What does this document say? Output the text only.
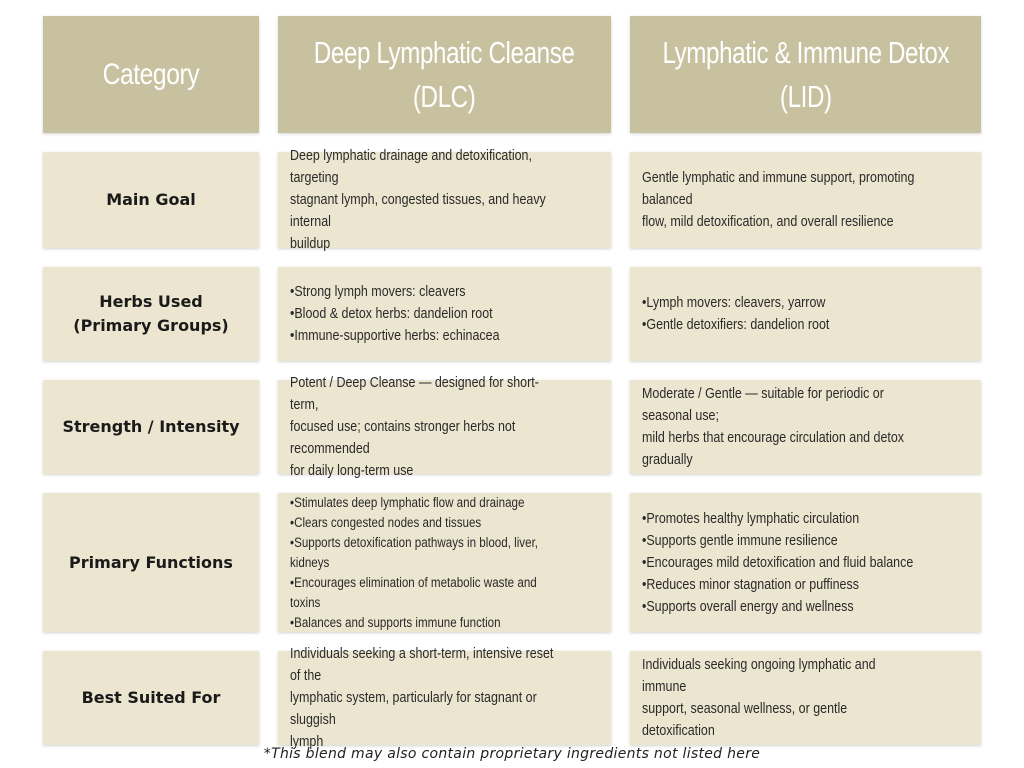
Category
Deep Lymphatic Cleanse
(DLC)
Lymphatic & Immune Detox
(LID)
Main Goal
Deep lymphatic drainage and detoxification, targeting
stagnant lymph, congested tissues, and heavy internal
buildup
Gentle lymphatic and immune support, promoting balanced
flow, mild detoxification, and overall resilience
Herbs Used
(Primary Groups)
• Strong lymph movers: cleavers
• Blood & detox herbs: dandelion root
• Immune-supportive herbs: echinacea
• Lymph movers: cleavers, yarrow
• Gentle detoxifiers: dandelion root
Strength / Intensity
Potent / Deep Cleanse — designed for short-term,
focused use; contains stronger herbs not recommended
for daily long-term use
Moderate / Gentle — suitable for periodic or seasonal use;
mild herbs that encourage circulation and detox gradually
Primary Functions
• Stimulates deep lymphatic flow and drainage
• Clears congested nodes and tissues
• Supports detoxification pathways in blood, liver, kidneys
• Encourages elimination of metabolic waste and toxins
• Balances and supports immune function
• Promotes healthy lymphatic circulation
• Supports gentle immune resilience
• Encourages mild detoxification and fluid balance
• Reduces minor stagnation or puffiness
• Supports overall energy and wellness
Best Suited For
Individuals seeking a short-term, intensive reset of the
lymphatic system, particularly for stagnant or sluggish
lymph
Individuals seeking ongoing lymphatic and immune
support, seasonal wellness, or gentle detoxification
*This blend may also contain proprietary ingredients not listed here
